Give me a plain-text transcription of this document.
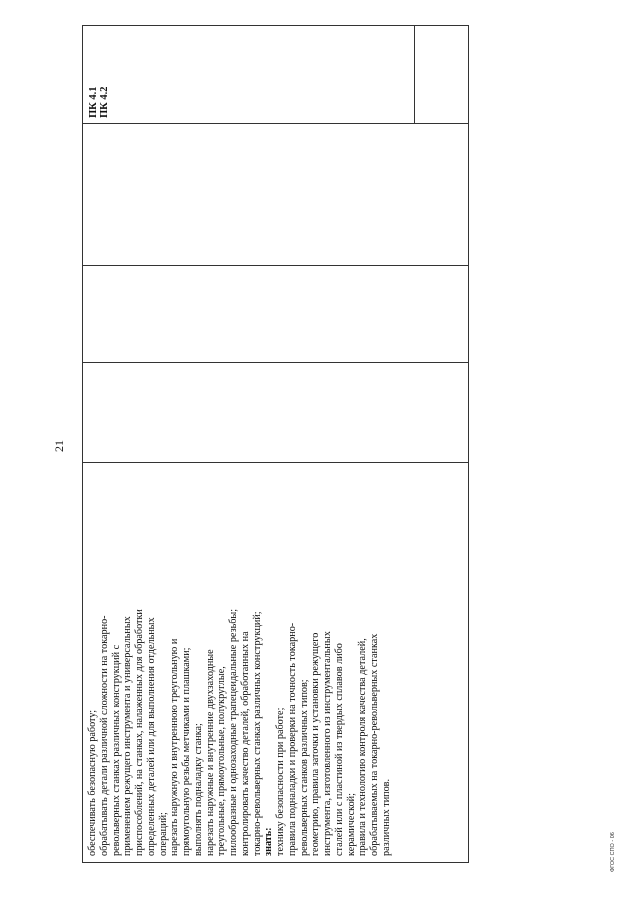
21
ПК 4.1 ПК 4.2
обеспечивать безопасную работу; обрабатывать детали различной сложности на токарно- револьверных станках различных конструкций с применением режущего инструмента и универсальных приспособлений, на станках, налаженных для обработки определенных деталей или для выполнения отдельных операций; нарезать наружную и внутреннюю треугольную и прямоугольную резьбы метчиками и плашками; выполнять подналадку станка; нарезать наружные и внутренние двухзаходные треугольные, прямоугольные, полукруглые, пилообразные и однозаходные трапецеидальные резьбы; контролировать качество деталей, обработанных на токарно-револьверных станках различных конструкций; знать: технику безопасности при работе; правила подналадки и проверки на точность токарно- револьверных станков различных типов; геометрию, правила заточки и установки режущего инструмента, изготовленного из инструментальных сталей или с пластиной из твердых сплавов либо керамической; правила и технологию контроля качества деталей, обрабатываемых на токарно-револьверных станках различных типов.	ФГОС СПО - 06
